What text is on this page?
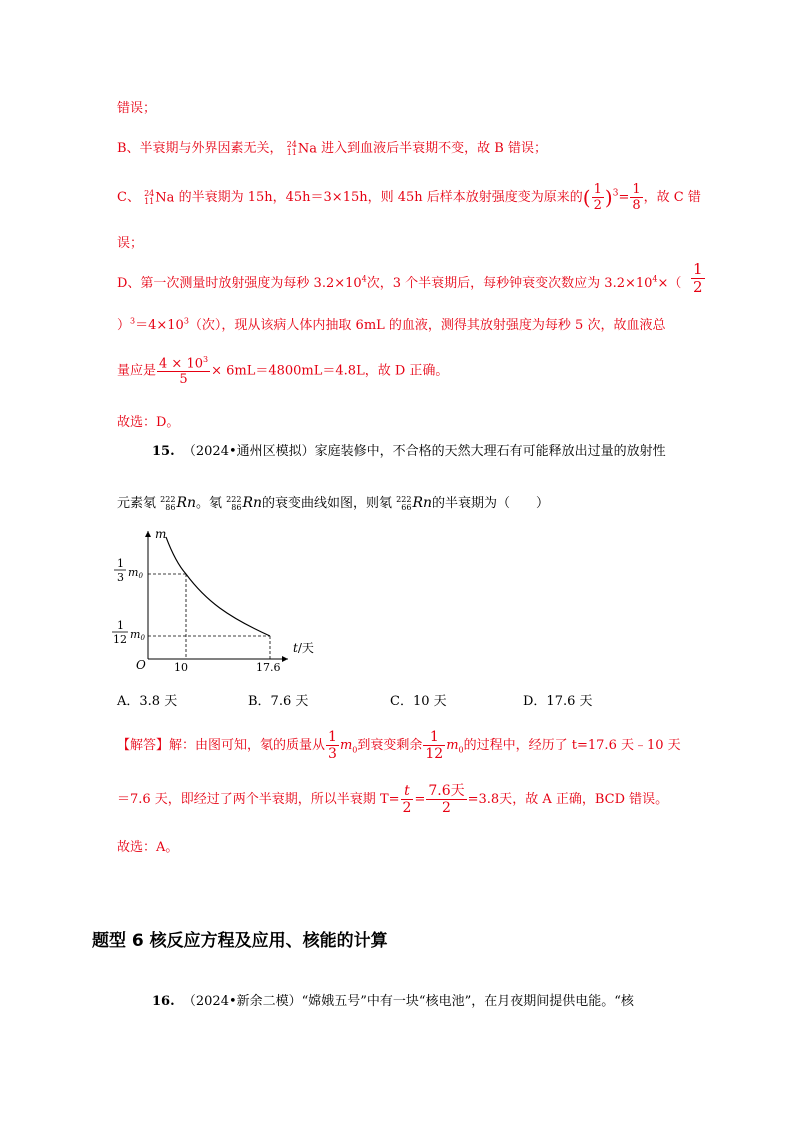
错误；
B、半衰期与外界因素无关， 24
11 Na 进入到血液后半衰期不变，故 B 错误；
C、 24
11 Na 的半衰期为 15h，45h＝3×15h，则 45h 后样本放射强度变为原来的( $\frac{1}{2} )^3= \frac{1}{8}$ ，故 C 错
误；
D、第一次测量时放射强度为每秒 $3.2\times 10^4$次，3 个半衰期后，每秒钟衰变次数应为 $3.2\times 10^4\times( \frac{1}{2}$
）$^3=4\times 10^3$（次），现从该病人体内抽取 6mL 的血液，测得其放射强度为每秒 5 次，故血液总
量应是 $\frac{4 \times 10^3}{5} \times 6mL=4800mL=4.8L$，故 D 正确。
故选：D。
15. （2024•通州区模拟）家庭装修中，不合格的天然大理石有可能释放出过量的放射性
元素氡 222
86 Rn。氡 222
86 Rn的衰变曲线如图，则氡 222
66 Rn的半衰期为（　　）
m
t/天
O
1
3 m0
1
12 m0
10	17.6
A．3.8 天	B．7.6 天	C．10 天	D．17.6 天
【解答】解：由图可知，氡的质量从 $\frac{1}{3} m_0$到衰变剩余 $\frac{1}{12} m_0$的过程中，经历了 t=17.6 天﹣10 天
＝7.6 天，即经过了两个半衰期，所以半衰期 $T= \frac{t}{2} = \frac{\text{7.6天}}{2} =3.8$天，故 A 正确，BCD 错误。
故选：A。
题型 6 核反应方程及应用、核能的计算
16. （2024•新余二模）“嫦娥五号”中有一块“核电池”，在月夜期间提供电能。“核
